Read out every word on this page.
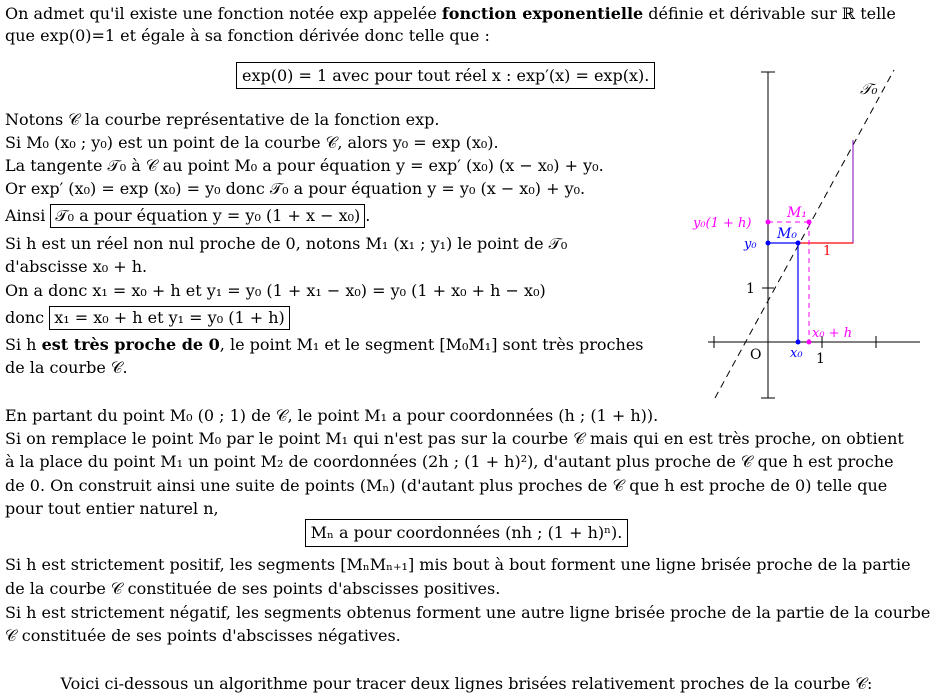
On admet qu'il existe une fonction notée exp appelée fonction exponentielle définie et dérivable sur ℝ telle
que exp(0)=1 et égale à sa fonction dérivée donc telle que :
exp(0) = 1 avec pour tout réel x : exp′(x) = exp(x).
Notons 𝒞 la courbe représentative de la fonction exp.
Si M₀ (x₀ ; y₀) est un point de la courbe 𝒞, alors y₀ = exp (x₀).
La tangente 𝒯₀ à 𝒞 au point M₀ a pour équation y = exp′ (x₀) (x − x₀) + y₀.
Or exp′ (x₀) = exp (x₀) = y₀ donc 𝒯₀ a pour équation y = y₀ (x − x₀) + y₀.
Ainsi 𝒯₀ a pour équation y = y₀ (1 + x − x₀) .
Si h est un réel non nul proche de 0, notons M₁ (x₁ ; y₁) le point de 𝒯₀
d'abscisse x₀ + h.
On a donc x₁ = x₀ + h et y₁ = y₀ (1 + x₁ − x₀) = y₀ (1 + x₀ + h − x₀)
donc x₁ = x₀ + h et y₁ = y₀ (1 + h)
Si h est très proche de 0, le point M₁ et le segment [M₀M₁] sont très proches
de la courbe 𝒞.
𝒯₀
M₁
M₀
y₀(1 + h)
y₀
1
1
O x₀ 1
x₀ + h
En partant du point M₀ (0 ; 1) de 𝒞, le point M₁ a pour coordonnées (h ; (1 + h)).
Si on remplace le point M₀ par le point M₁ qui n'est pas sur la courbe 𝒞 mais qui en est très proche, on obtient
à la place du point M₁ un point M₂ de coordonnées (2h ; (1 + h)²), d'autant plus proche de 𝒞 que h est proche
de 0. On construit ainsi une suite de points (Mₙ) (d'autant plus proches de 𝒞 que h est proche de 0) telle que
pour tout entier naturel n,
Mₙ a pour coordonnées (nh ; (1 + h)ⁿ).
Si h est strictement positif, les segments [MₙMₙ₊₁] mis bout à bout forment une ligne brisée proche de la partie
de la courbe 𝒞 constituée de ses points d'abscisses positives.
Si h est strictement négatif, les segments obtenus forment une autre ligne brisée proche de la partie de la courbe
𝒞 constituée de ses points d'abscisses négatives.
Voici ci-dessous un algorithme pour tracer deux lignes brisées relativement proches de la courbe 𝒞:
